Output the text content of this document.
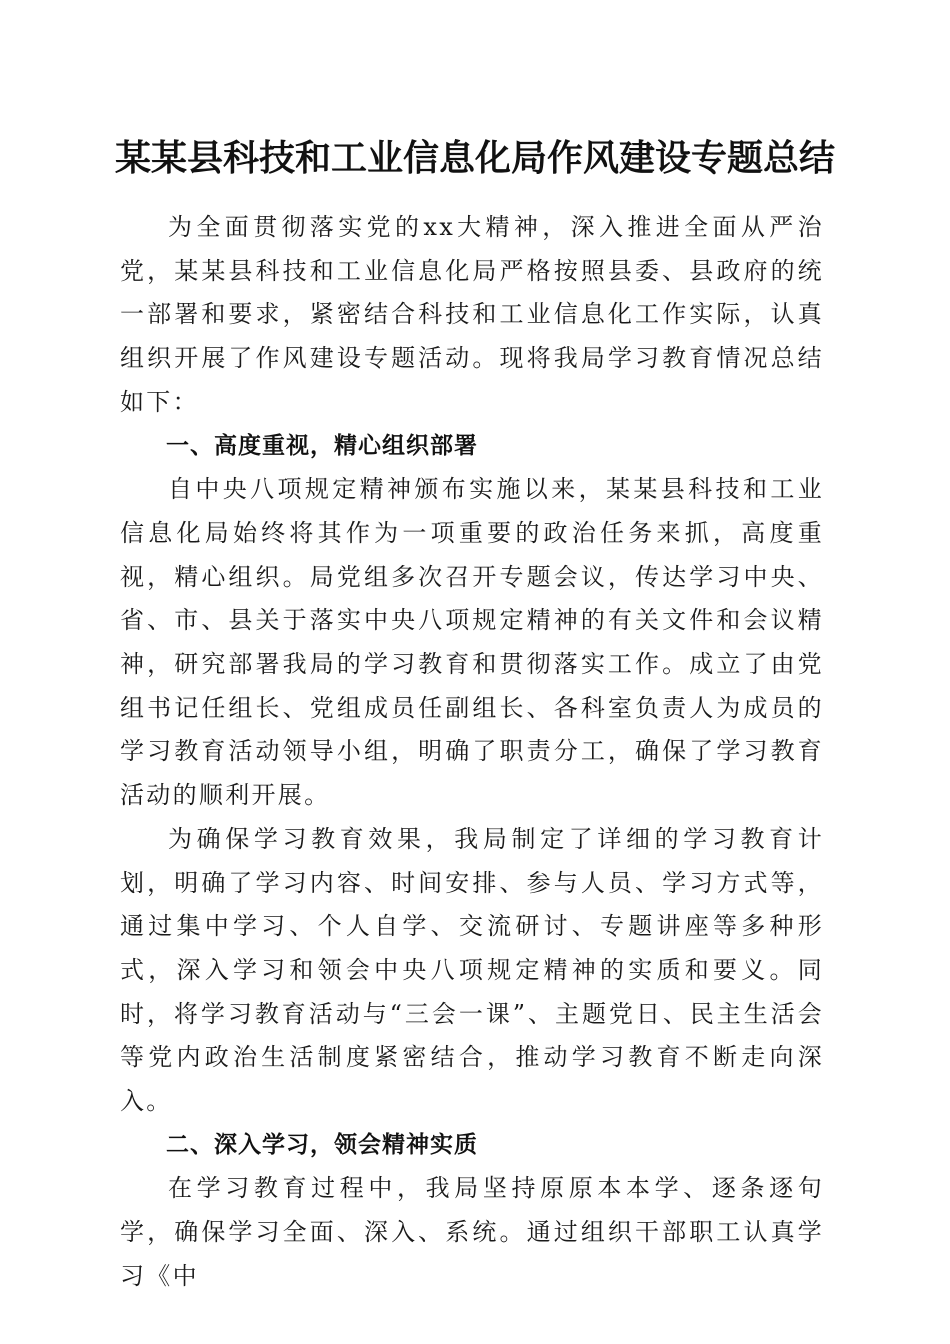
某某县科技和工业信息化局作风建设专题总结

为全面贯彻落实党的xx大精神，深入推进全面从严治党，某某县科技和工业信息化局严格按照县委、县政府的统一部署和要求，紧密结合科技和工业信息化工作实际，认真组织开展了作风建设专题活动。现将我局学习教育情况总结如下：

一、高度重视，精心组织部署

自中央八项规定精神颁布实施以来，某某县科技和工业信息化局始终将其作为一项重要的政治任务来抓，高度重视，精心组织。局党组多次召开专题会议，传达学习中央、省、市、县关于落实中央八项规定精神的有关文件和会议精神，研究部署我局的学习教育和贯彻落实工作。成立了由党组书记任组长、党组成员任副组长、各科室负责人为成员的学习教育活动领导小组，明确了职责分工，确保了学习教育活动的顺利开展。

为确保学习教育效果，我局制定了详细的学习教育计划，明确了学习内容、时间安排、参与人员、学习方式等，通过集中学习、个人自学、交流研讨、专题讲座等多种形式，深入学习和领会中央八项规定精神的实质和要义。同时，将学习教育活动与“三会一课”、主题党日、民主生活会等党内政治生活制度紧密结合，推动学习教育不断走向深入。

二、深入学习，领会精神实质

在学习教育过程中，我局坚持原原本本学、逐条逐句学，确保学习全面、深入、系统。通过组织干部职工认真学习《中
